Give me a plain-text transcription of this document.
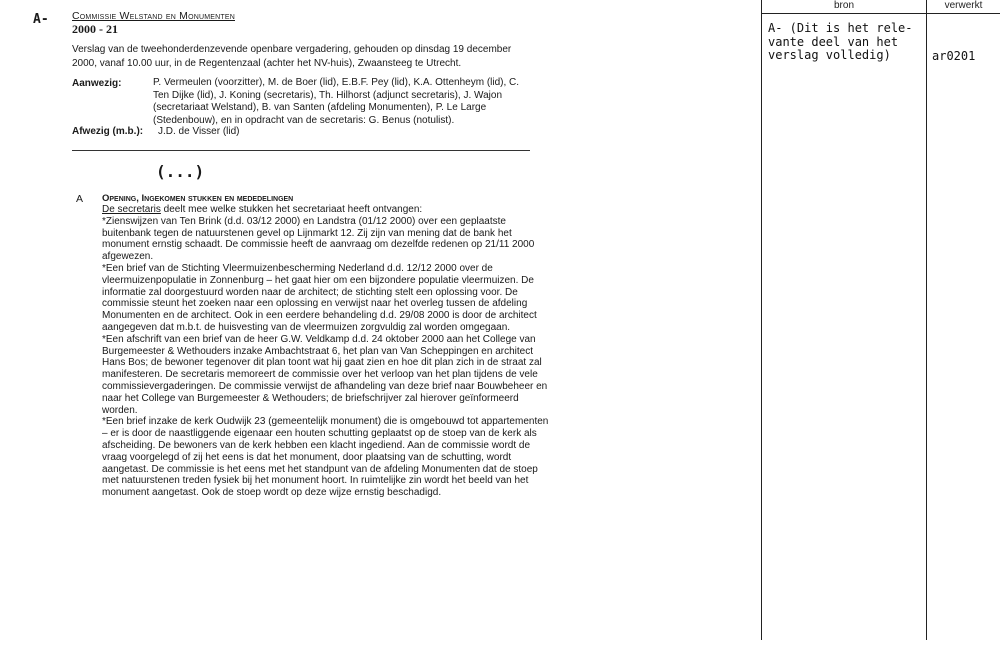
A- Commissie Welstand en Monumenten
2000 - 21
Verslag van de tweehonderdenzevende openbare vergadering, gehouden op dinsdag 19 december 2000, vanaf 10.00 uur, in de Regentenzaal (achter het NV-huis), Zwaansteeg te Utrecht.
Aanwezig:	P. Vermeulen (voorzitter), M. de Boer (lid), E.B.F. Pey (lid), K.A. Ottenheym (lid), C. Ten Dijke (lid), J. Koning (secretaris), Th. Hilhorst (adjunct secretaris), J. Wajon (secretariaat Welstand), B. van Santen (afdeling Monumenten), P. Le Large (Stedenbouw), en in opdracht van de secretaris: G. Benus (notulist).
Afwezig (m.b.): J.D. de Visser (lid)
(...)
A Opening, Ingekomen stukken en mededelingen

De secretaris deelt mee welke stukken het secretariaat heeft ontvangen:

*Zienswijzen van Ten Brink (d.d. 03/12 2000) en Landstra (01/12 2000) over een geplaatste buitenbank tegen de natuurstenen gevel op Lijnmarkt 12. Zij zijn van mening dat de bank het monument ernstig schaadt. De commissie heeft de aanvraag om dezelfde redenen op 21/11 2000 afgewezen.

*Een brief van de Stichting Vleermuizenbescherming Nederland d.d. 12/12 2000 over de vleermuizenpopulatie in Zonnenburg – het gaat hier om een bijzondere populatie vleermuizen. De informatie zal doorgestuurd worden naar de architect; de stichting stelt een oplossing voor. De commissie steunt het zoeken naar een oplossing en verwijst naar het overleg tussen de afdeling Monumenten en de architect. Ook in een eerdere behandeling d.d. 29/08 2000 is door de architect aangegeven dat m.b.t. de huisvesting van de vleermuizen zorgvuldig zal worden omgegaan.

*Een afschrift van een brief van de heer G.W. Veldkamp d.d. 24 oktober 2000 aan het College van Burgemeester & Wethouders inzake Ambachtstraat 6, het plan van Van Scheppingen en architect Hans Bos; de bewoner tegenover dit plan toont wat hij gaat zien en hoe dit plan zich in de straat zal manifesteren. De secretaris memoreert de commissie over het verloop van het plan tijdens de vele commissievergaderingen. De commissie verwijst de afhandeling van deze brief naar Bouwbeheer en naar het College van Burgemeester & Wethouders; de briefschrijver zal hierover geïnformeerd worden.

*Een brief inzake de kerk Oudwijk 23 (gemeentelijk monument) die is omgebouwd tot appartementen – er is door de naastliggende eigenaar een houten schutting geplaatst op de stoep van de kerk als afscheiding. De bewoners van de kerk hebben een klacht ingediend. Aan de commissie wordt de vraag voorgelegd of zij het eens is dat het monument, door plaatsing van de schutting, wordt aangetast. De commissie is het eens met het standpunt van de afdeling Monumenten dat de stoep met natuurstenen treden fysiek bij het monument hoort. In ruimtelijke zin wordt het beeld van het monument aangetast. Ook de stoep wordt op deze wijze ernstig beschadigd.

bron	verwerkt
A- (Dit is het rele-
vante deel van het
verslag volledig)	ar0201
